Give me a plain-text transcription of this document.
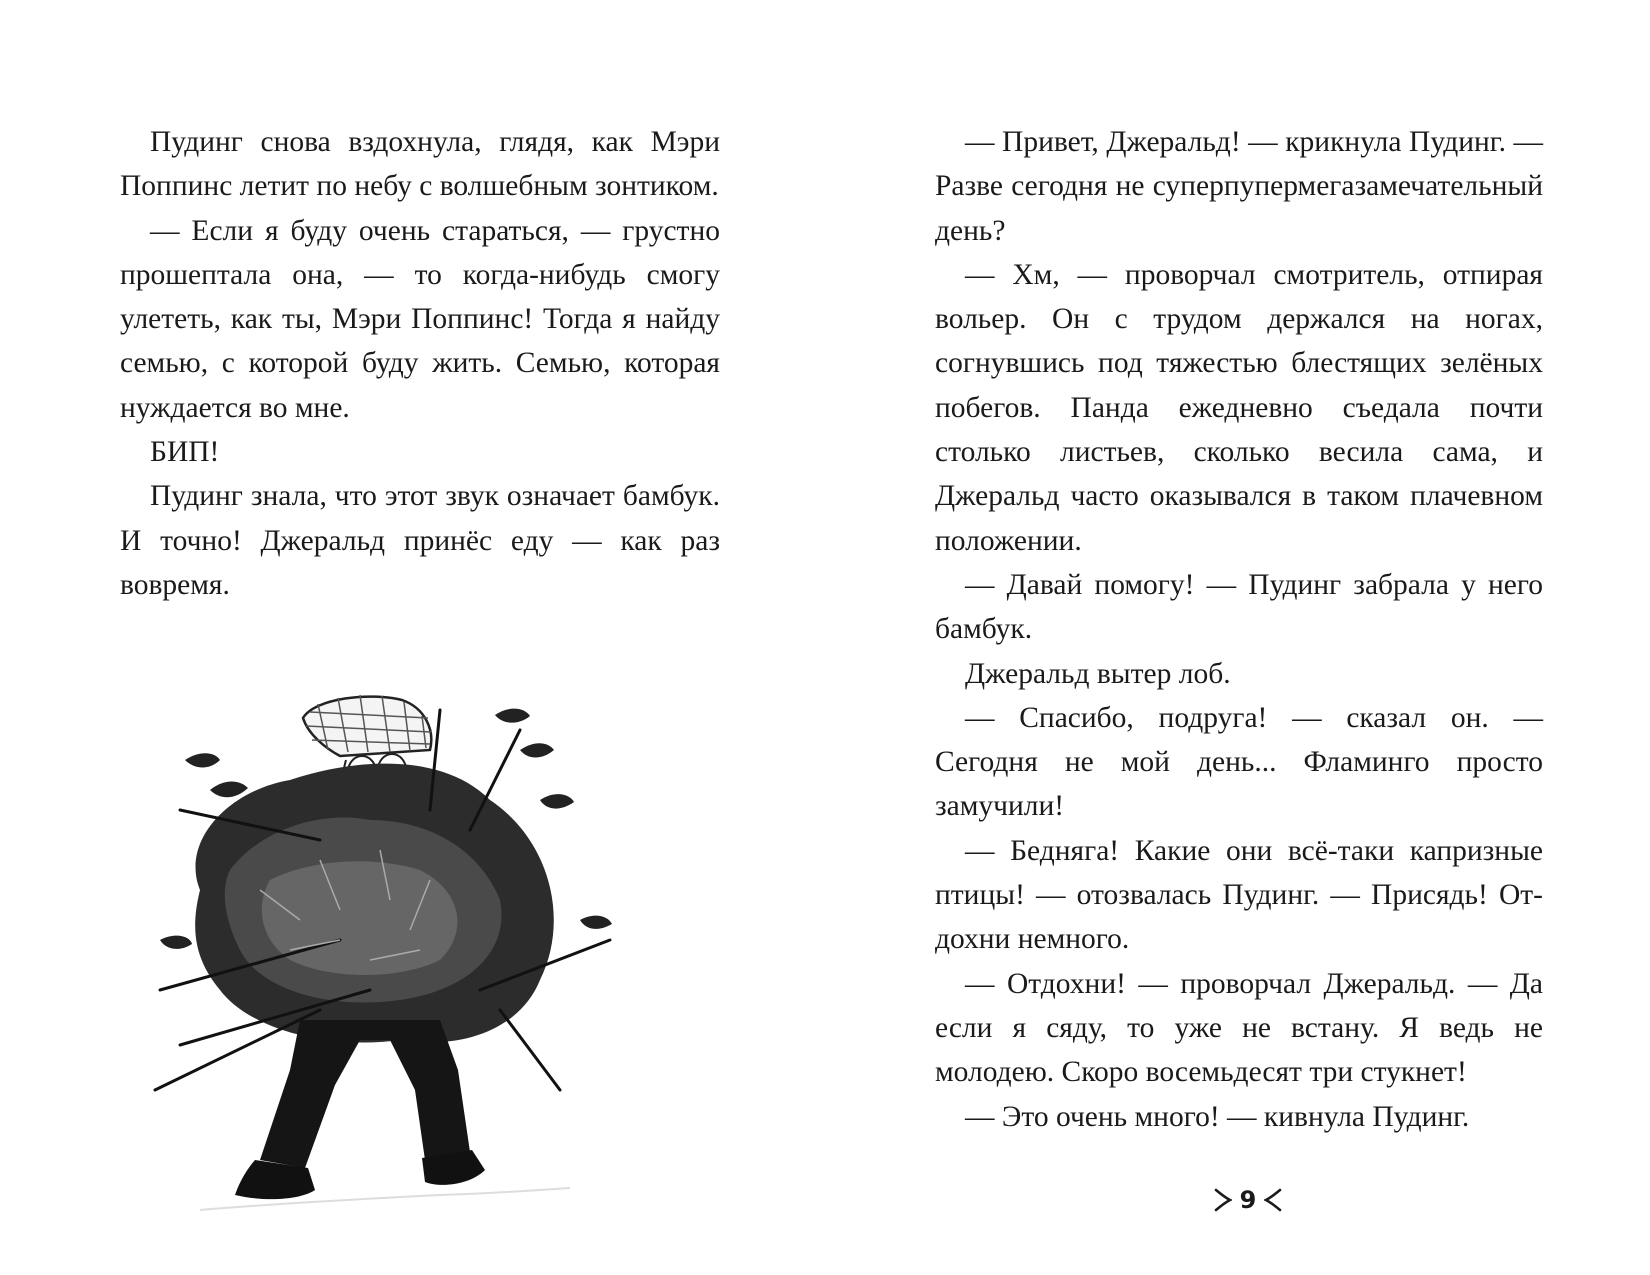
Пудинг снова вздохнула, глядя, как Мэри Поппинс летит по небу с волшебным зонтиком.

— Если я буду очень стараться, — грустно прошептала она, — то когда-нибудь смогу улететь, как ты, Мэри Поппинс! Тогда я найду семью, с которой буду жить. Семью, которая нуждается во мне.

БИП!

Пудинг знала, что этот звук означает бамбук. И точно! Джеральд принёс еду — как раз вовремя.

— Привет, Джеральд! — крикнула Пудинг. — Разве сегодня не суперпупермегазамечательный день?

— Хм, — проворчал смотритель, отпирая вольер. Он с трудом держался на ногах, согнувшись под тяжестью блестящих зелёных побегов. Панда ежедневно съедала почти столько листьев, сколько весила сама, и Джеральд часто оказывался в таком плачевном положении.

— Давай помогу! — Пудинг забрала у него бамбук.

Джеральд вытер лоб.

— Спасибо, подруга! — сказал он. — Сегодня не мой день... Фламинго просто замучили!

— Бедняга! Какие они всё-таки капризные птицы! — отозвалась Пудинг. — Присядь! Отдохни немного.

— Отдохни! — проворчал Джеральд. — Да если я сяду, то уже не встану. Я ведь не молодею. Скоро восемьдесят три стукнет!

— Это очень много! — кивнула Пудинг.

9
